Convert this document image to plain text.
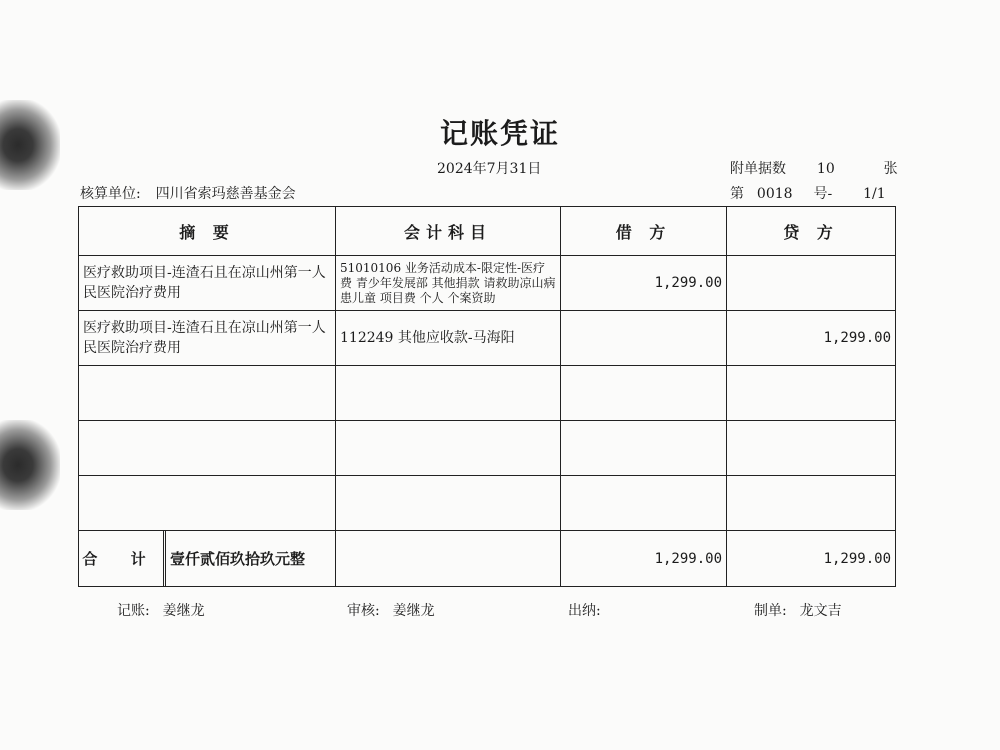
记账凭证
2024年7月31日
核算单位: 四川省索玛慈善基金会
附单据数 10	张
第 0018 号- 1/1
摘 要	会计科目	借 方	贷 方
医疗救助项目-连渣石且在凉山州第一人民医院治疗费用	51010106 业务活动成本-限定性-医疗费 青少年发展部 其他捐款 请救助凉山病患儿童 项目费 个人 个案资助	1,299.00	
医疗救助项目-连渣石且在凉山州第一人民医院治疗费用	112249 其他应收款-马海阳		1,299.00

合 计 壹仟贰佰玖拾玖元整		1,299.00	1,299.00
记账: 姜继龙	审核: 姜继龙	出纳:	制单: 龙文吉
